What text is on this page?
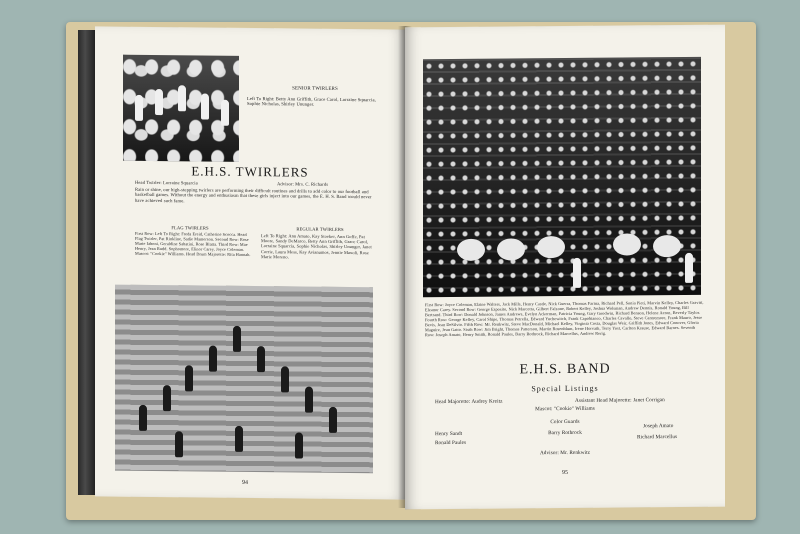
SENIOR TWIRLERS
Left To Right: Betty Ann Griffith, Grace Carol, Lorraine Squarcia, Sophie Nicholas, Shirley Ununger.
E.H.S. TWIRLERS
Head Twirler: Lorraine Squarcia	Advisor: Mrs. C. Richards
Rain or shine, our high-stepping twirlers are performing their difficult routines and drills to add color to our football and basketball games. Without the energy and enthusiasm that these girls inject into our games, the E. H. S. Band would never have achieved such fame.
FLAG TWIRLERS
First Row: Left To Right: Freda Ereid, Catherine Scocca. Head Flag Twirler, Pat Rinkline, Sadie Mamerson. Second Row: Rose Marie Iaboni, Geraldine Sabatini, Rose Blatta. Third Row: Mae Henry, Jean Rudd. Sophomore, Elinor Carey, Joyce Coleman. Mascot: "Cookie" Williams. Head Drum Majorette: Rita Hannah.
REGULAR TWIRLERS
Left To Right: Ann Amato, Kay Stoeker, Ann Goffe, Pat Moore, Sandy DeMarco, Betty Ann Griffith, Grace Carol, Lorraine Squarcia, Sophie Nicholas, Shirley Ununger, Janet Corrie, Laura Mess, Kay Avianumos, Jennie Maxoli, Rose Marie Moreno.
94
First Row: Joyce Coleman, Elaine Walters, Jack Mills, Henry Castle, Nick Guerra, Thomas Farina, Richard Pell, Sonia Pieti, Marvin Kelley, Charles Gravitt, Eleanor Carey. Second Row: George Esposito, Nick Marcetta, Gilbert Falzone, Robert Kelley, Joshua Wolsman, Andrew Dennis, Ronald Young, Bill Bertrand. Third Row: Donald Johnson, James Andrews, Evelyn Ackerman, Patricia Young, Gary Goodwin, Richard Benson, Helene Aeron, Beverly Taylor. Fourth Row: George Kelley, Carol Shipe, Thomas Petrella, Edward Yuchewitch, Frank Capobianco, Charles Cavallo, Steve Cantremore, Frank Mauro, Jesse Bevis, Jean DeSilvio. Fifth Row: Mr. Renkwitz, Steve MacDonald, Michael Kelley, Virginia Costa, Douglas Weir, Griffith Jones, Edward Conover, Gloria Maguire, Jean Gatto. Sixth Row: Jim Bright, Thomas Patterson, Martin Rosenblum, Irene Horvath, Terry Yost, Carlton Krause, Edward Barnes. Seventh Row: Joseph Amato, Henry Smith, Ronald Paules, Barry Rothrock, Richard Marcellus, Andrew Rerig.
E.H.S. BAND
Special Listings
Head Majorette: Audrey Kreitz	Assistant Head Majorette: Janet Corrigan
Mascot: "Cookie" Williams
Color Guards
Henry Sandt	Barry Rothrock
Joseph Amato
Ronald Paules
Richard Marcellus
Advisor: Mr. Renkwitz
95
